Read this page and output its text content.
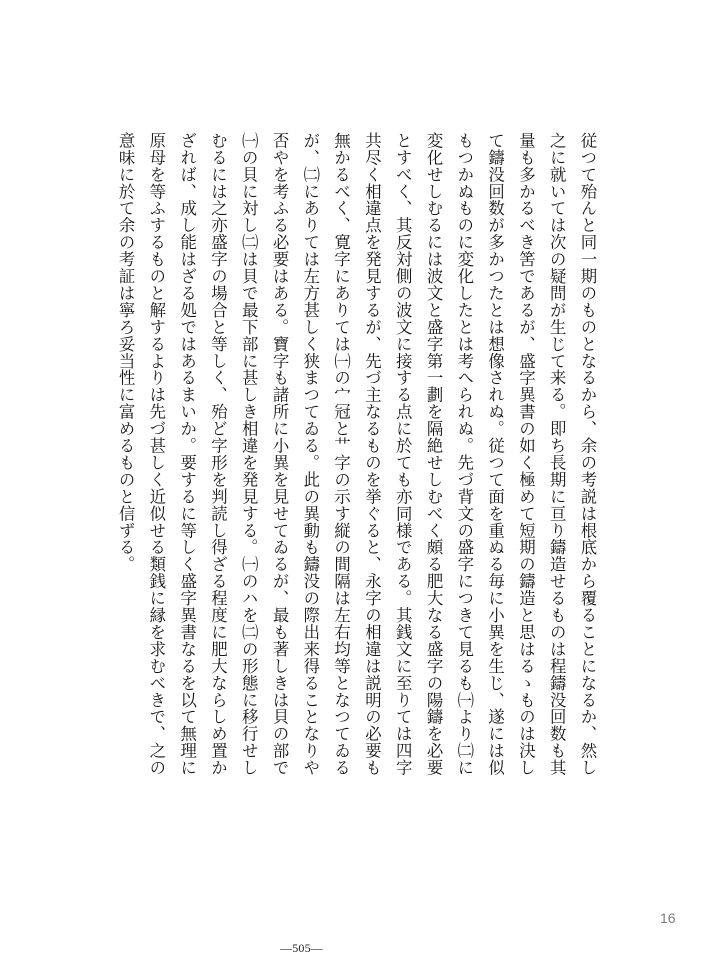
従つて殆んと同一期のものとなるから、余の考説は根底から覆ることになるか、然し之に就いては次の疑問が生じて来る。即ち長期に亘り鑄造せるものは程鑄没回数も其量も多かるべき筈であるが、盛字異書の如く極めて短期の鑄造と思はるゝものは決して鑄没回数が多かつたとは想像されぬ。従つて面を重ぬる毎に小異を生じ、遂には似もつかぬものに変化したとは考へられぬ。先づ背文の盛字につきて見るも㈠より㈡に変化せしむるには波文と盛字第一劃を隔絶せしむべく頗る肥大なる盛字の陽鑄を必要とすべく、其反対側の波文に接する点に於ても亦同様である。其銭文に至りては四字共尽く相違点を発見するが、先づ主なるものを挙ぐると、永字の相違は説明の必要も無かるべく、寛字にありては㈠の宀冠と艹字の示す縦の間隔は左右均等となつてゐるが、㈡にありては左方甚しく狭まつてゐる。此の異動も鑄没の際出来得ることなりや否やを考ふる必要はある。寶字も諸所に小異を見せてゐるが、最も著しきは貝の部で㈠の貝に対し㈡は貝で最下部に甚しき相違を発見する。㈠のハを㈡の形態に移行せしむるには之亦盛字の場合と等しく、殆ど字形を判読し得ざる程度に肥大ならしめ置かざれば、成し能はざる処ではあるまいか。要するに等しく盛字異書なるを以て無理に原母を等ふするものと解するよりは先づ甚しく近似せる類銭に縁を求むべきで、之の意味に於て余の考証は寧ろ妥当性に富めるものと信ずる。

—505—
16
